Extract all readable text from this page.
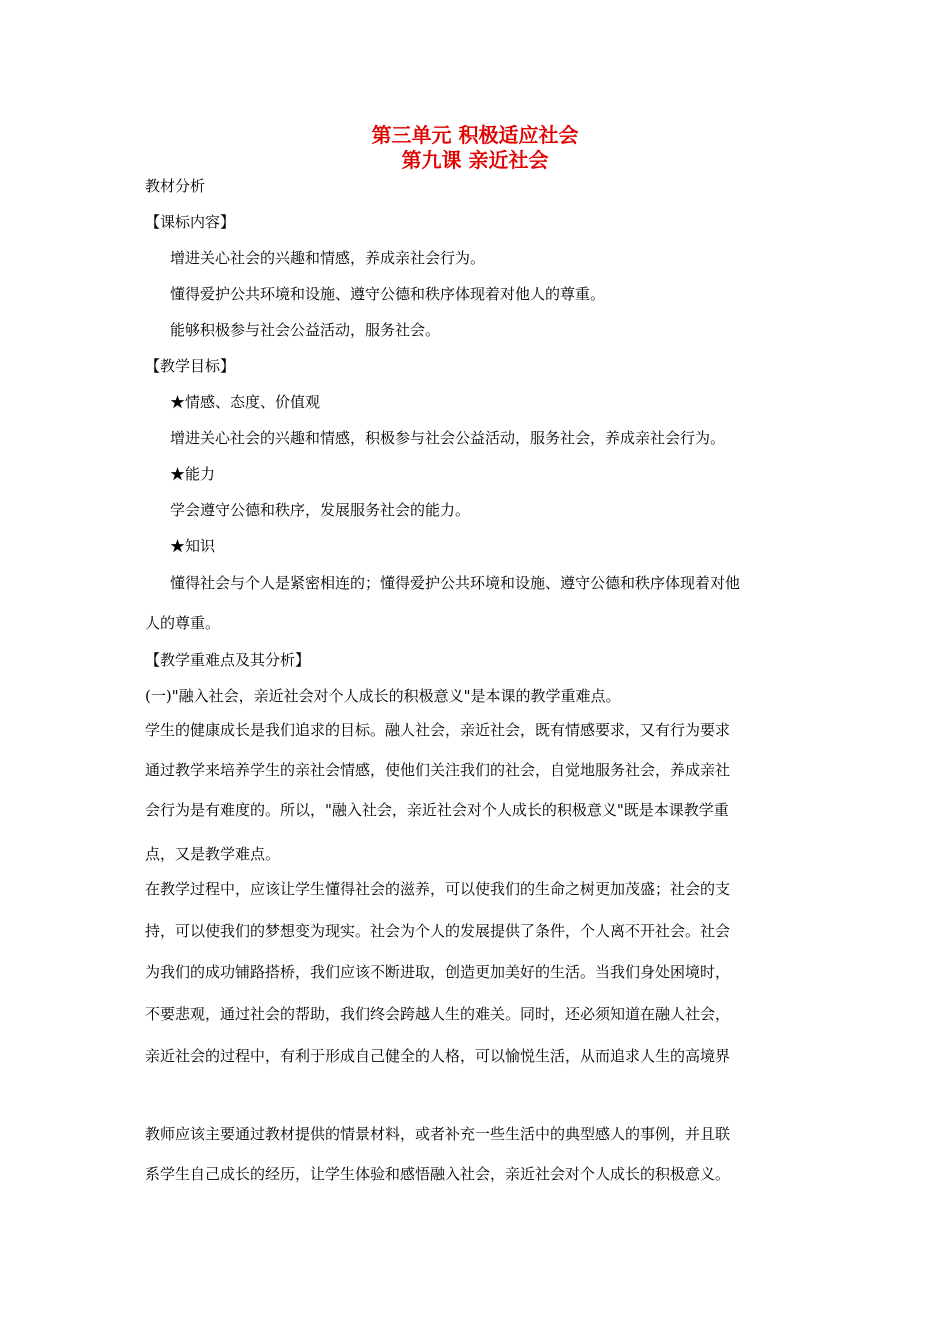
第三单元 积极适应社会
第九课 亲近社会

教材分析

【课标内容】

增进关心社会的兴趣和情感，养成亲社会行为。

懂得爱护公共环境和设施、遵守公德和秩序体现着对他人的尊重。

能够积极参与社会公益活动，服务社会。

【教学目标】

★情感、态度、价值观

增进关心社会的兴趣和情感，积极参与社会公益活动，服务社会，养成亲社会行为。

★能力

学会遵守公德和秩序，发展服务社会的能力。

★知识

懂得社会与个人是紧密相连的；懂得爱护公共环境和设施、遵守公德和秩序体现着对他

人的尊重。

【教学重难点及其分析】

(一)"融入社会，亲近社会对个人成长的积极意义"是本课的教学重难点。

学生的健康成长是我们追求的目标。融人社会，亲近社会，既有情感要求，又有行为要求

通过教学来培养学生的亲社会情感，使他们关注我们的社会，自觉地服务社会，养成亲社

会行为是有难度的。所以，"融入社会，亲近社会对个人成长的积极意义"既是本课教学重

点，又是教学难点。

在教学过程中，应该让学生懂得社会的滋养，可以使我们的生命之树更加茂盛；社会的支

持，可以使我们的梦想变为现实。社会为个人的发展提供了条件，个人离不开社会。社会

为我们的成功铺路搭桥，我们应该不断进取，创造更加美好的生活。当我们身处困境时，

不要悲观，通过社会的帮助，我们终会跨越人生的难关。同时，还必须知道在融人社会，

亲近社会的过程中，有利于形成自己健全的人格，可以愉悦生活，从而追求人生的高境界

教师应该主要通过教材提供的情景材料，或者补充一些生活中的典型感人的事例，并且联

系学生自己成长的经历，让学生体验和感悟融入社会，亲近社会对个人成长的积极意义。
